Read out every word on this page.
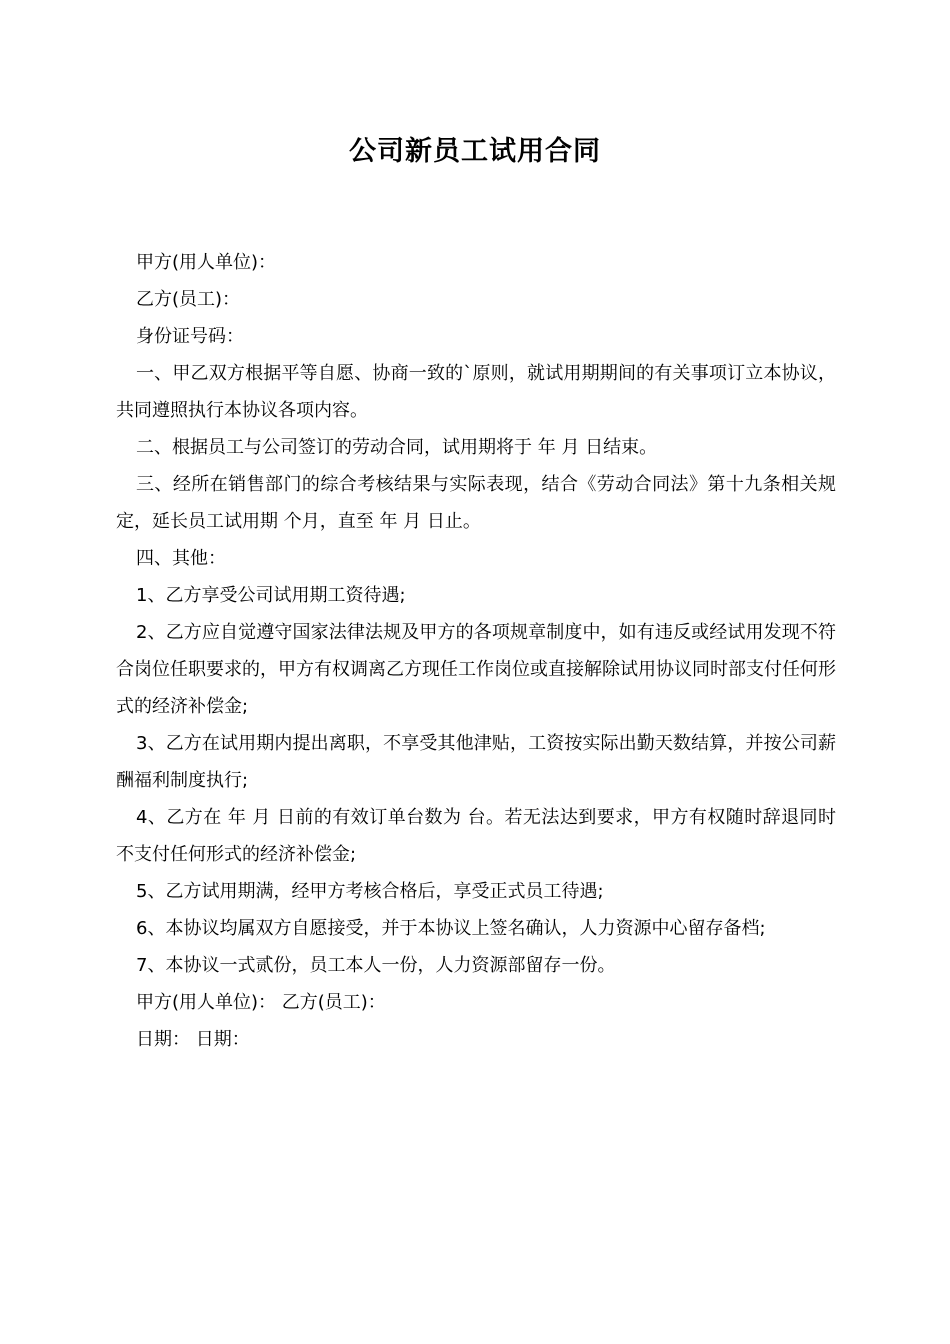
公司新员工试用合同

甲方(用人单位)：

乙方(员工)：

身份证号码：

一、甲乙双方根据平等自愿、协商一致的`原则，就试用期期间的有关事项订立本协议，共同遵照执行本协议各项内容。

二、根据员工与公司签订的劳动合同，试用期将于 年 月 日结束。

三、经所在销售部门的综合考核结果与实际表现，结合《劳动合同法》第十九条相关规定，延长员工试用期 个月，直至 年 月 日止。

四、其他：

1、乙方享受公司试用期工资待遇;

2、乙方应自觉遵守国家法律法规及甲方的各项规章制度中，如有违反或经试用发现不符合岗位任职要求的，甲方有权调离乙方现任工作岗位或直接解除试用协议同时部支付任何形式的经济补偿金;

3、乙方在试用期内提出离职，不享受其他津贴，工资按实际出勤天数结算，并按公司薪酬福利制度执行;

4、乙方在 年 月 日前的有效订单台数为 台。若无法达到要求，甲方有权随时辞退同时不支付任何形式的经济补偿金;

5、乙方试用期满，经甲方考核合格后，享受正式员工待遇;

6、本协议均属双方自愿接受，并于本协议上签名确认，人力资源中心留存备档;

7、本协议一式贰份，员工本人一份，人力资源部留存一份。

甲方(用人单位)： 乙方(员工)：

日期： 日期：
